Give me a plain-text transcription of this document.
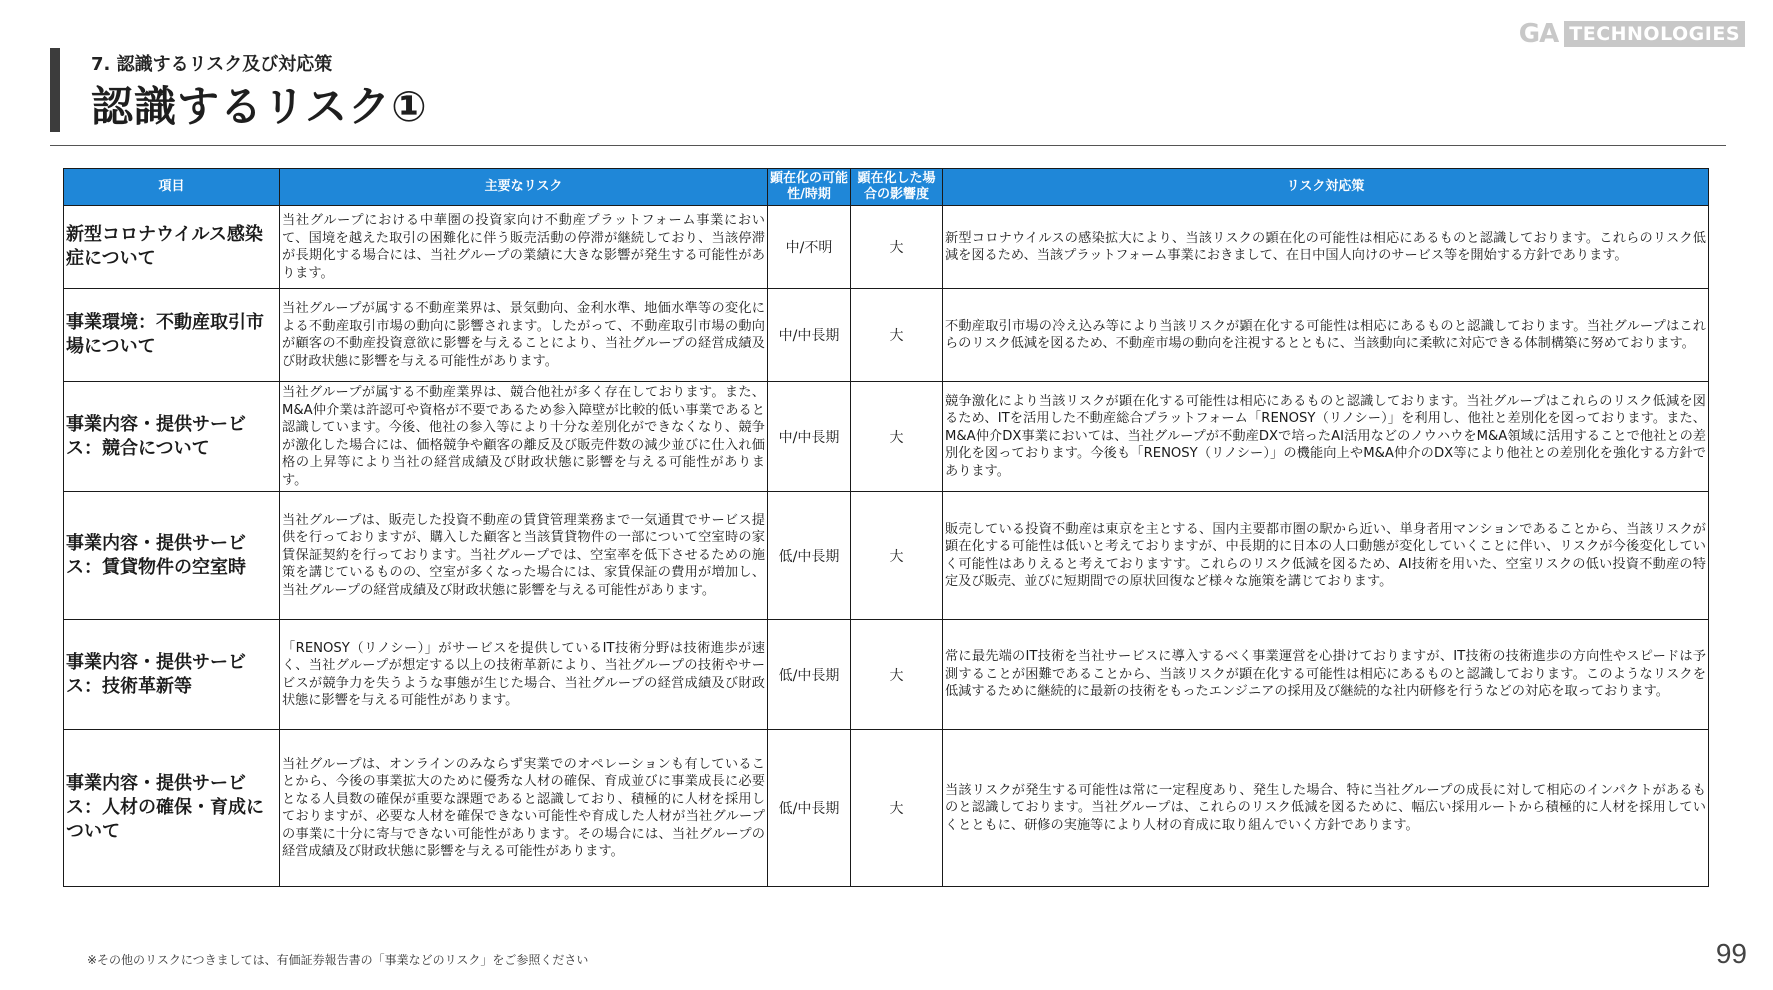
GA TECHNOLOGIES
7. 認識するリスク及び対応策
認識するリスク①
項目	主要なリスク	顕在化の可能性/時期	顕在化した場合の影響度	リスク対応策
新型コロナウイルス感染症について	当社グループにおける中華圏の投資家向け不動産プラットフォーム事業において、国境を越えた取引の困難化に伴う販売活動の停滞が継続しており、当該停滞が長期化する場合には、当社グループの業績に大きな影響が発生する可能性があります。	中/不明	大	新型コロナウイルスの感染拡大により、当該リスクの顕在化の可能性は相応にあるものと認識しております。これらのリスク低減を図るため、当該プラットフォーム事業におきまして、在日中国人向けのサービス等を開始する方針であります。
事業環境：不動産取引市場について	当社グループが属する不動産業界は、景気動向、金利水準、地価水準等の変化による不動産取引市場の動向に影響されます。したがって、不動産取引市場の動向が顧客の不動産投資意欲に影響を与えることにより、当社グループの経営成績及び財政状態に影響を与える可能性があります。	中/中長期	大	不動産取引市場の冷え込み等により当該リスクが顕在化する可能性は相応にあるものと認識しております。当社グループはこれらのリスク低減を図るため、不動産市場の動向を注視するとともに、当該動向に柔軟に対応できる体制構築に努めております。
事業内容・提供サービス：競合について	当社グループが属する不動産業界は、競合他社が多く存在しております。また、M&A仲介業は許認可や資格が不要であるため参入障壁が比較的低い事業であると認識しています。今後、他社の参入等により十分な差別化ができなくなり、競争が激化した場合には、価格競争や顧客の離反及び販売件数の減少並びに仕入れ価格の上昇等により当社の経営成績及び財政状態に影響を与える可能性があります。	中/中長期	大	競争激化により当該リスクが顕在化する可能性は相応にあるものと認識しております。当社グループはこれらのリスク低減を図るため、ITを活用した不動産総合プラットフォーム「RENOSY（リノシー）」を利用し、他社と差別化を図っております。また、M&A仲介DX事業においては、当社グループが不動産DXで培ったAI活用などのノウハウをM&A領域に活用することで他社との差別化を図っております。今後も「RENOSY（リノシー）」の機能向上やM&A仲介のDX等により他社との差別化を強化する方針であります。
事業内容・提供サービス：賃貸物件の空室時	当社グループは、販売した投資不動産の賃貸管理業務まで一気通貫でサービス提供を行っておりますが、購入した顧客と当該賃貸物件の一部について空室時の家賃保証契約を行っております。当社グループでは、空室率を低下させるための施策を講じているものの、空室が多くなった場合には、家賃保証の費用が増加し、当社グループの経営成績及び財政状態に影響を与える可能性があります。	低/中長期	大	販売している投資不動産は東京を主とする、国内主要都市圏の駅から近い、単身者用マンションであることから、当該リスクが顕在化する可能性は低いと考えておりますが、中長期的に日本の人口動態が変化していくことに伴い、リスクが今後変化していく可能性はありえると考えておりますす。これらのリスク低減を図るため、AI技術を用いた、空室リスクの低い投資不動産の特定及び販売、並びに短期間での原状回復など様々な施策を講じております。
事業内容・提供サービス：技術革新等	「RENOSY（リノシー）」がサービスを提供しているIT技術分野は技術進歩が速く、当社グループが想定する以上の技術革新により、当社グループの技術やサービスが競争力を失うような事態が生じた場合、当社グループの経営成績及び財政状態に影響を与える可能性があります。	低/中長期	大	常に最先端のIT技術を当社サービスに導入するべく事業運営を心掛けておりますが、IT技術の技術進歩の方向性やスピードは予測することが困難であることから、当該リスクが顕在化する可能性は相応にあるものと認識しております。このようなリスクを低減するために継続的に最新の技術をもったエンジニアの採用及び継続的な社内研修を行うなどの対応を取っております。
事業内容・提供サービス：人材の確保・育成について	当社グループは、オンラインのみならず実業でのオペレーションも有していることから、今後の事業拡大のために優秀な人材の確保、育成並びに事業成長に必要となる人員数の確保が重要な課題であると認識しており、積極的に人材を採用しておりますが、必要な人材を確保できない可能性や育成した人材が当社グループの事業に十分に寄与できない可能性があります。その場合には、当社グループの経営成績及び財政状態に影響を与える可能性があります。	低/中長期	大	当該リスクが発生する可能性は常に一定程度あり、発生した場合、特に当社グループの成長に対して相応のインパクトがあるものと認識しております。当社グループは、これらのリスク低減を図るために、幅広い採用ルートから積極的に人材を採用していくとともに、研修の実施等により人材の育成に取り組んでいく方針であります。
※その他のリスクにつきましては、有価証券報告書の「事業などのリスク」をご参照ください	99
